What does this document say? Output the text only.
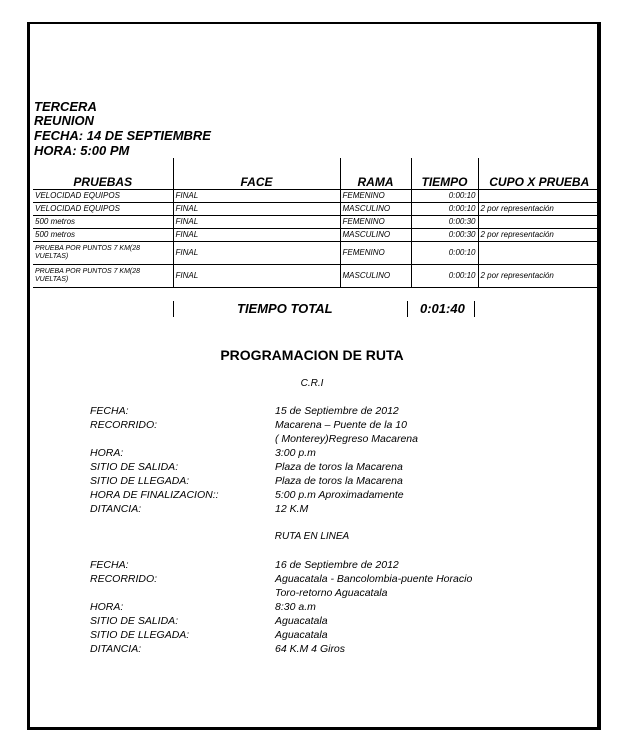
TERCERA
REUNION
FECHA: 14 DE SEPTIEMBRE
HORA: 5:00 PM
PRUEBAS	FACE	RAMA	TIEMPO	CUPO X PRUEBA
VELOCIDAD EQUIPOS	FINAL	FEMENINO	0:00:10	
VELOCIDAD EQUIPOS	FINAL	MASCULINO	0:00:10	2 por representación
500 metros	FINAL	FEMENINO	0:00:30	
500 metros	FINAL	MASCULINO	0:00:30	2 por representación
PRUEBA POR PUNTOS 7 KM(28 VUELTAS)	FINAL	FEMENINO	0:00:10	
PRUEBA POR PUNTOS 7 KM(28 VUELTAS)	FINAL	MASCULINO	0:00:10	2 por representación
TIEMPO TOTAL	0:01:40
PROGRAMACION DE RUTA
C.R.I
FECHA:	15 de Septiembre de 2012
RECORRIDO:	Macarena – Puente de la 10
( Monterey)Regreso Macarena
HORA:	3:00 p.m
SITIO DE SALIDA:	Plaza de toros la Macarena
SITIO DE LLEGADA:	Plaza de toros la Macarena
HORA DE FINALIZACION::	5:00 p.m Aproximadamente
DITANCIA:	12 K.M
RUTA EN LINEA
FECHA:	16 de Septiembre de 2012
RECORRIDO:	Aguacatala - Bancolombia-puente Horacio
Toro-retorno Aguacatala
HORA:	8:30 a.m
SITIO DE SALIDA:	Aguacatala
SITIO DE LLEGADA:	Aguacatala
DITANCIA:	64 K.M 4 Giros
